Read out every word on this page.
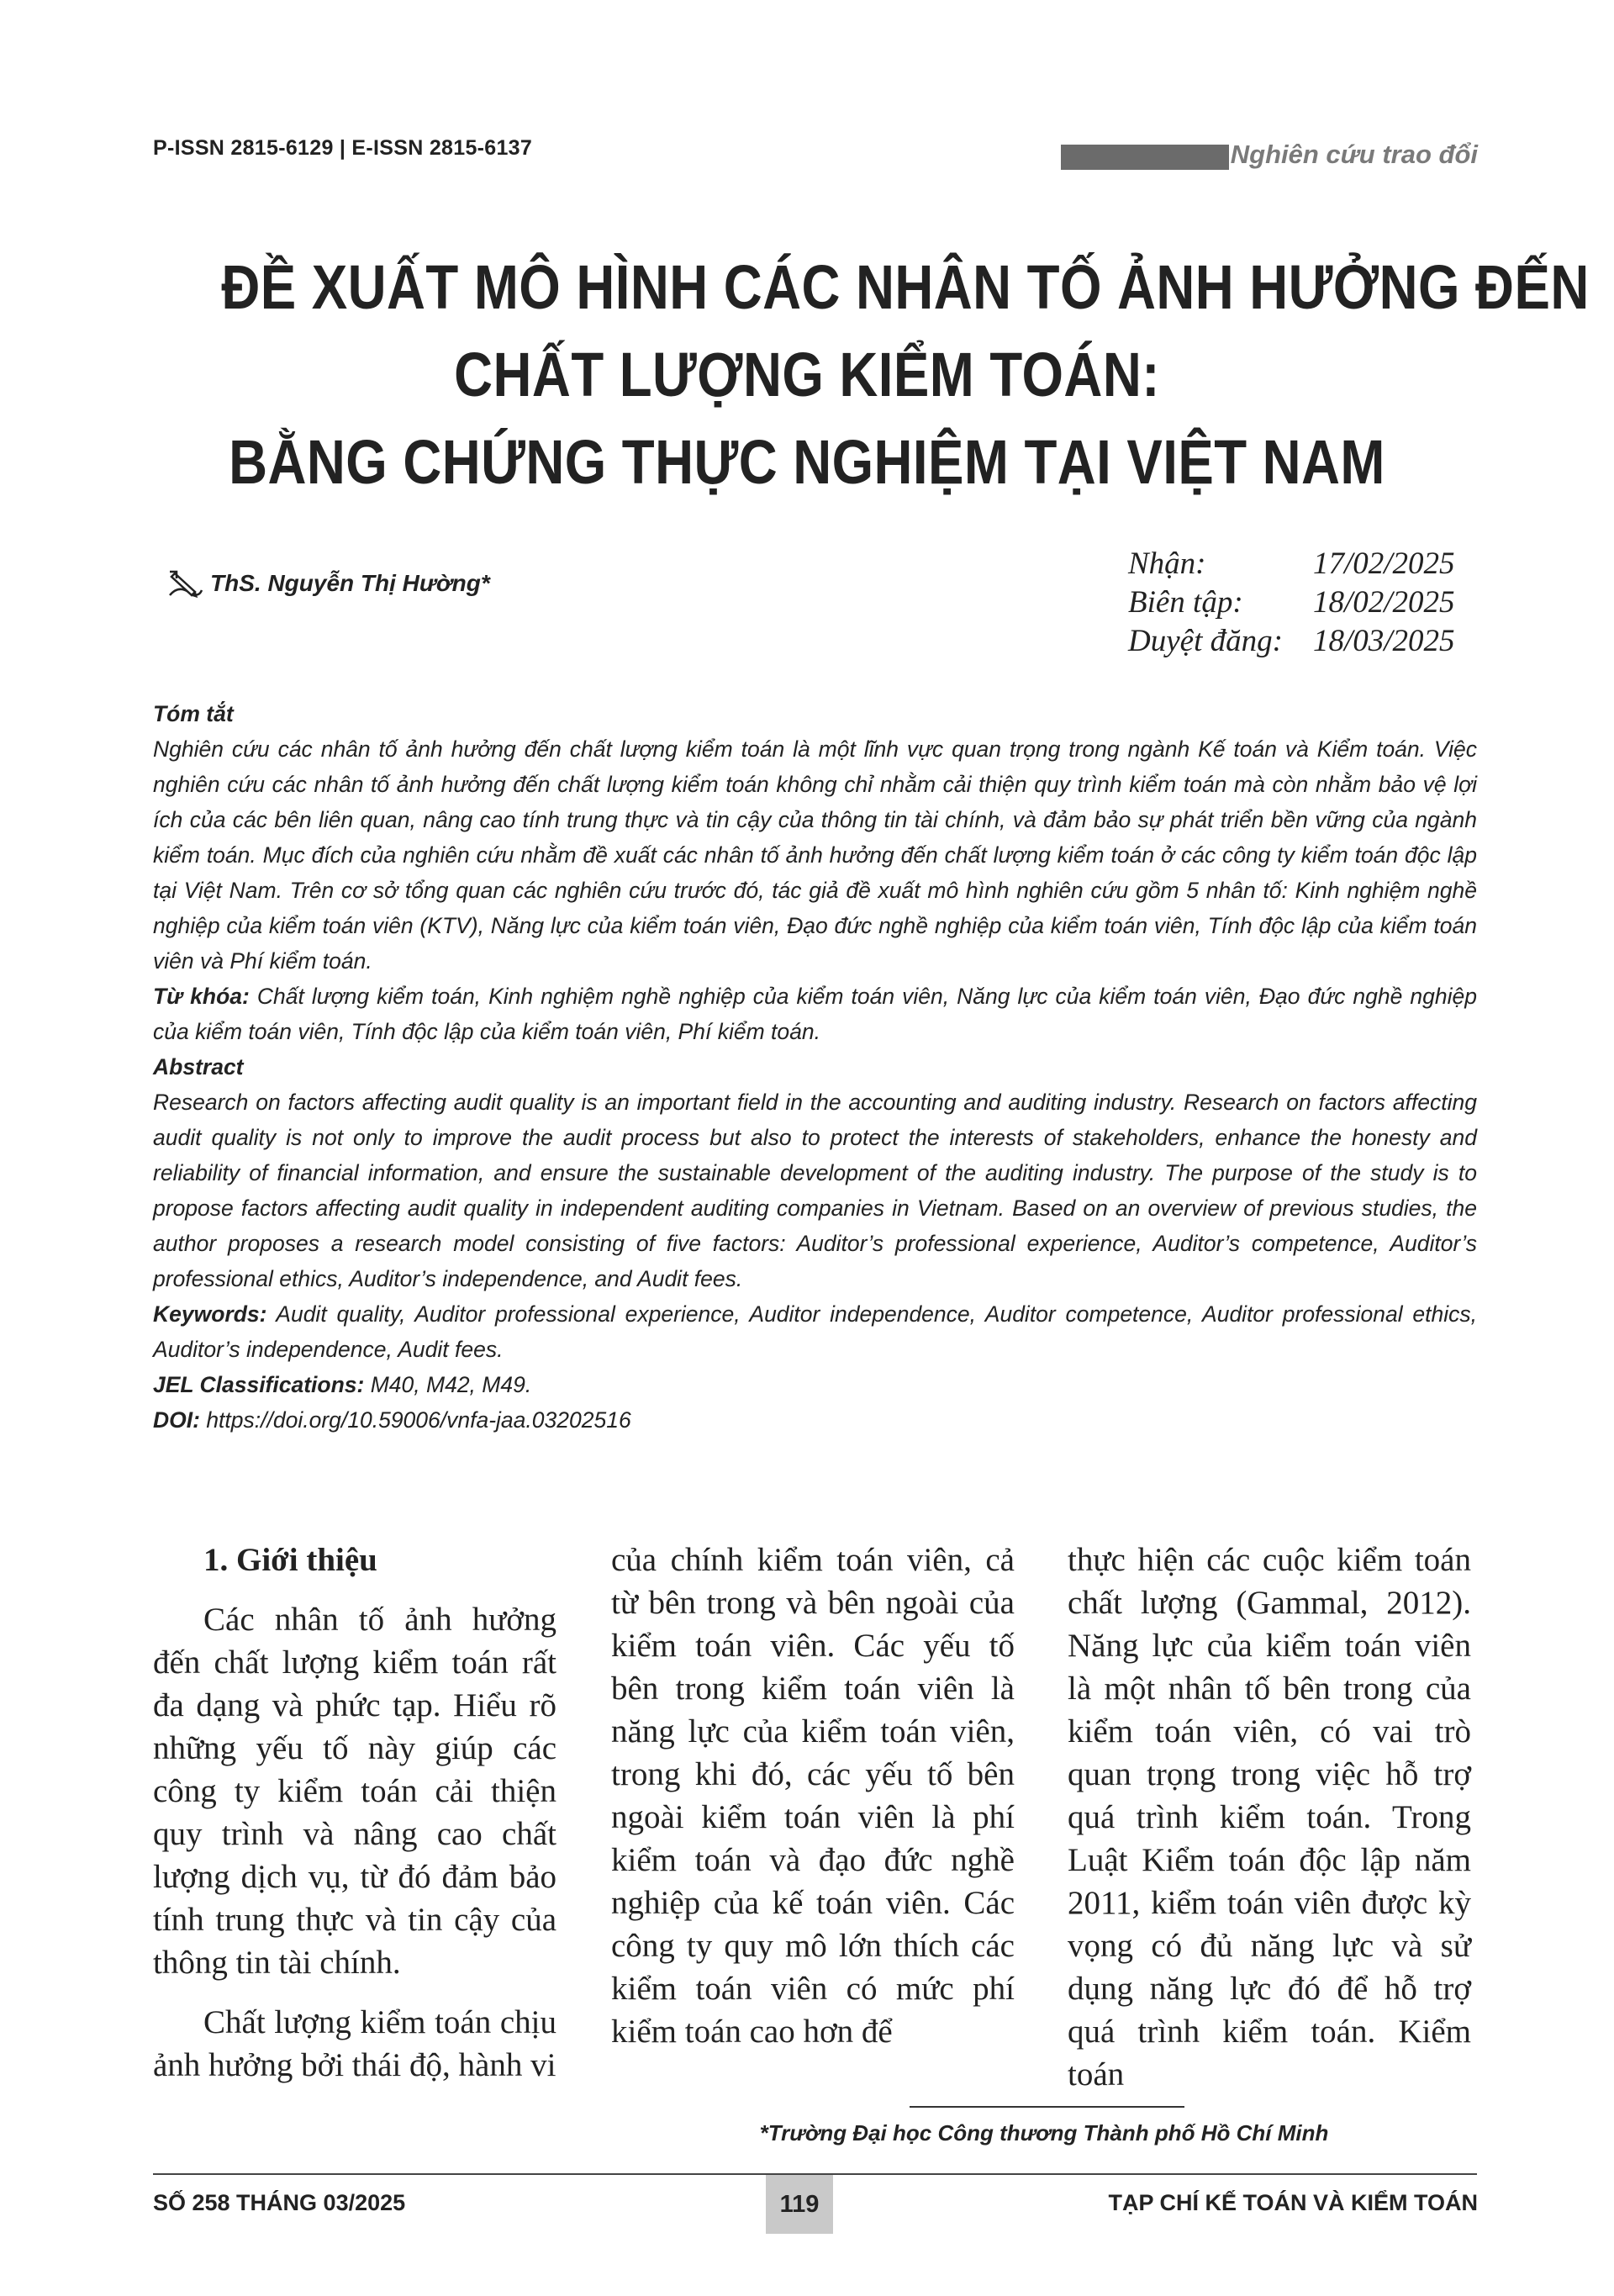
P-ISSN 2815-6129 | E-ISSN 2815-6137	Nghiên cứu trao đổi
ĐỀ XUẤT MÔ HÌNH CÁC NHÂN TỐ ẢNH HƯỞNG ĐẾN
CHẤT LƯỢNG KIỂM TOÁN:
BẰNG CHỨNG THỰC NGHIỆM TẠI VIỆT NAM
ThS. Nguyễn Thị Hường*
Nhận:	17/02/2025
Biên tập:	18/02/2025
Duyệt đăng: 18/03/2025

Tóm tắt

Nghiên cứu các nhân tố ảnh hưởng đến chất lượng kiểm toán là một lĩnh vực quan trọng trong ngành Kế toán và Kiểm toán. Việc nghiên cứu các nhân tố ảnh hưởng đến chất lượng kiểm toán không chỉ nhằm cải thiện quy trình kiểm toán mà còn nhằm bảo vệ lợi ích của các bên liên quan, nâng cao tính trung thực và tin cậy của thông tin tài chính, và đảm bảo sự phát triển bền vững của ngành kiểm toán. Mục đích của nghiên cứu nhằm đề xuất các nhân tố ảnh hưởng đến chất lượng kiểm toán ở các công ty kiểm toán độc lập tại Việt Nam. Trên cơ sở tổng quan các nghiên cứu trước đó, tác giả đề xuất mô hình nghiên cứu gồm 5 nhân tố: Kinh nghiệm nghề nghiệp của kiểm toán viên (KTV), Năng lực của kiểm toán viên, Đạo đức nghề nghiệp của kiểm toán viên, Tính độc lập của kiểm toán viên và Phí kiểm toán.

Từ khóa: Chất lượng kiểm toán, Kinh nghiệm nghề nghiệp của kiểm toán viên, Năng lực của kiểm toán viên, Đạo đức nghề nghiệp của kiểm toán viên, Tính độc lập của kiểm toán viên, Phí kiểm toán.

Abstract

Research on factors affecting audit quality is an important field in the accounting and auditing industry. Research on factors affecting audit quality is not only to improve the audit process but also to protect the interests of stakeholders, enhance the honesty and reliability of financial information, and ensure the sustainable development of the auditing industry. The purpose of the study is to propose factors affecting audit quality in independent auditing companies in Vietnam. Based on an overview of previous studies, the author proposes a research model consisting of five factors: Auditor’s professional experience, Auditor’s competence, Auditor’s professional ethics, Auditor’s independence, and Audit fees.

Keywords: Audit quality, Auditor professional experience, Auditor independence, Auditor competence, Auditor professional ethics, Auditor’s independence, Audit fees.

JEL Classifications: M40, M42, M49.

DOI: https://doi.org/10.59006/vnfa-jaa.03202516

1. Giới thiệu

Các nhân tố ảnh hưởng đến chất lượng kiểm toán rất đa dạng và phức tạp. Hiểu rõ những yếu tố này giúp các công ty kiểm toán cải thiện quy trình và nâng cao chất lượng dịch vụ, từ đó đảm bảo tính trung thực và tin cậy của thông tin tài chính.

Chất lượng kiểm toán chịu ảnh hưởng bởi thái độ, hành vi

của chính kiểm toán viên, cả từ bên trong và bên ngoài của kiểm toán viên. Các yếu tố bên trong kiểm toán viên là năng lực của kiểm toán viên, trong khi đó, các yếu tố bên ngoài kiểm toán viên là phí kiểm toán và đạo đức nghề nghiệp của kế toán viên. Các công ty quy mô lớn thích các kiểm toán viên có mức phí kiểm toán cao hơn để

thực hiện các cuộc kiểm toán chất lượng (Gammal, 2012). Năng lực của kiểm toán viên là một nhân tố bên trong của kiểm toán viên, có vai trò quan trọng trong việc hỗ trợ quá trình kiểm toán. Trong Luật Kiểm toán độc lập năm 2011, kiểm toán viên được kỳ vọng có đủ năng lực và sử dụng năng lực đó để hỗ trợ quá trình kiểm toán. Kiểm toán

*Trường Đại học Công thương Thành phố Hồ Chí Minh
SỐ 258 THÁNG 03/2025	119	TẠP CHÍ KẾ TOÁN VÀ KIỂM TOÁN
